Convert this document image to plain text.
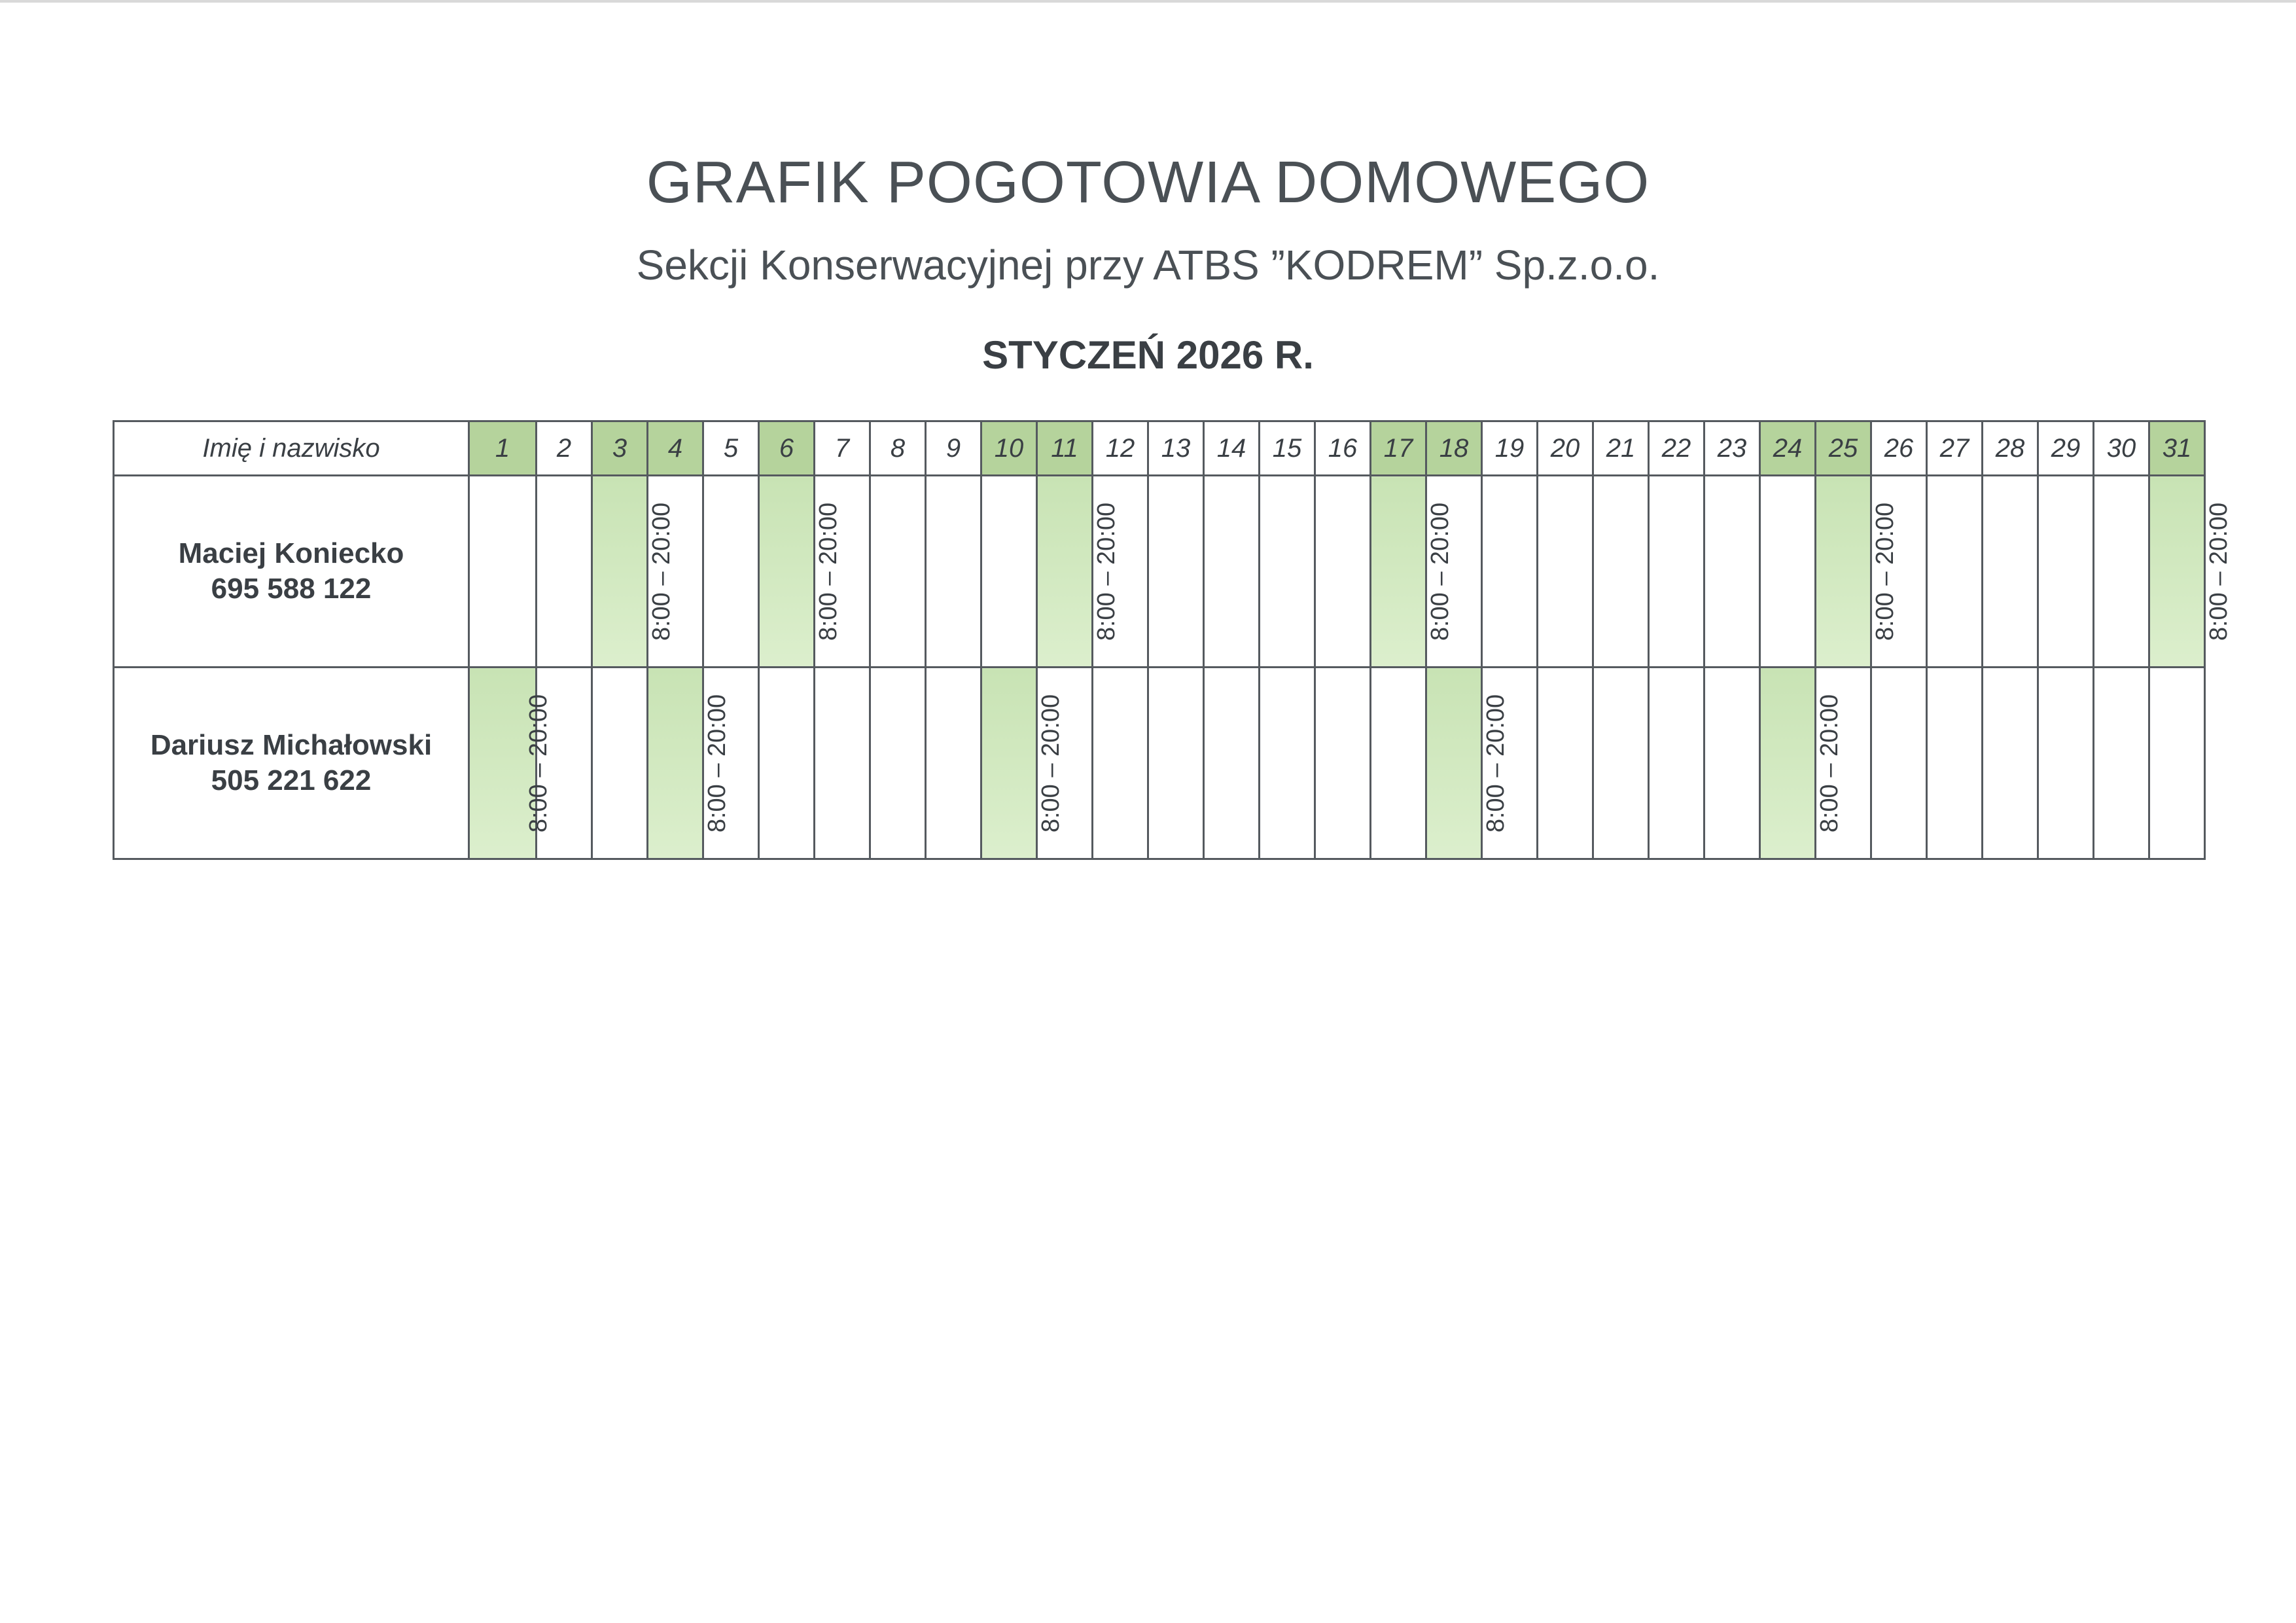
GRAFIK POGOTOWIA DOMOWEGO
Sekcji Konserwacyjnej przy ATBS ”KODREM” Sp.z.o.o.
STYCZEŃ 2026 R.
Imię i nazwisko	1	2	3	4	5	6	7	8	9	10	11	12	13	14	15	16	17	18	19	20	21	22	23	24	25	26	27	28	29	30	31

Maciej Koniecko
695 588 122			8:00 – 20:00			8:00 – 20:00					8:00 – 20:00						8:00 – 20:00								8:00 – 20:00						8:00 – 20:00

Dariusz Michałowski
505 221 622	8:00 – 20:00			8:00 – 20:00						8:00 – 20:00								8:00 – 20:00						8:00 – 20:00							
